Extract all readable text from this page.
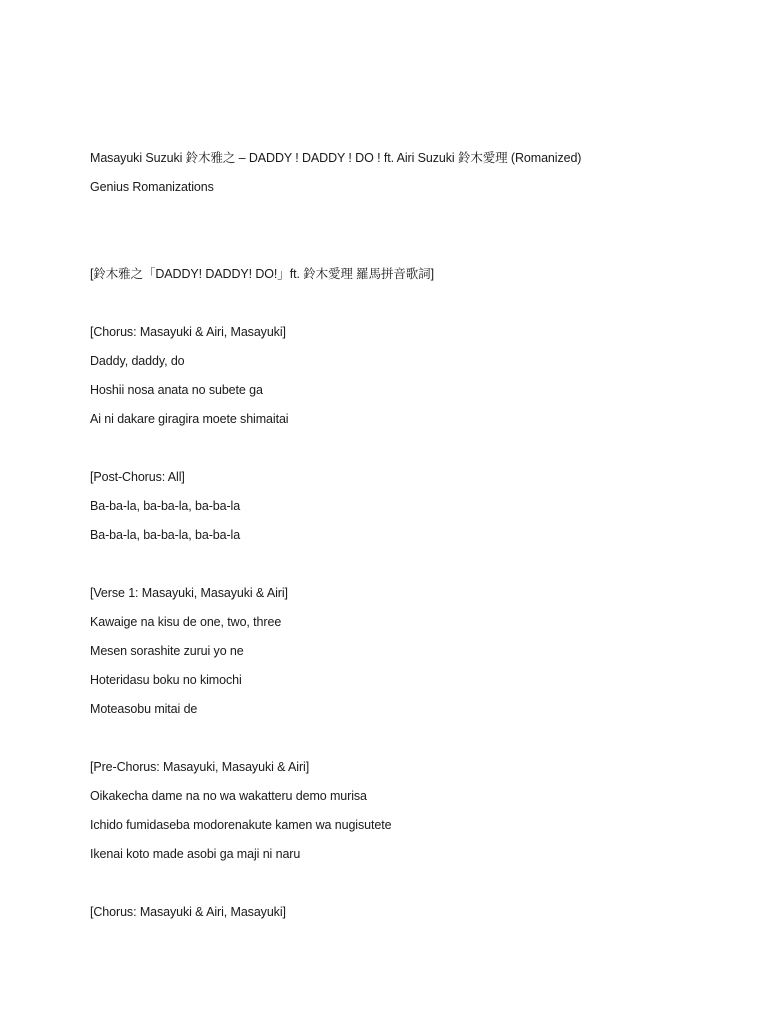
Masayuki Suzuki 鈴木雅之 – DADDY ! DADDY ! DO ! ft. Airi Suzuki 鈴木愛理 (Romanized)
Genius Romanizations
[鈴木雅之「DADDY! DADDY! DO!」ft. 鈴木愛理 羅馬拼音歌詞]
[Chorus: Masayuki & Airi, Masayuki]
Daddy, daddy, do
Hoshii nosa anata no subete ga
Ai ni dakare giragira moete shimaitai
[Post-Chorus: All]
Ba-ba-la, ba-ba-la, ba-ba-la
Ba-ba-la, ba-ba-la, ba-ba-la
[Verse 1: Masayuki, Masayuki & Airi]
Kawaige na kisu de one, two, three
Mesen sorashite zurui yo ne
Hoteridasu boku no kimochi
Moteasobu mitai de
[Pre-Chorus: Masayuki, Masayuki & Airi]
Oikakecha dame na no wa wakatteru demo murisa
Ichido fumidaseba modorenakute kamen wa nugisutete
Ikenai koto made asobi ga maji ni naru
[Chorus: Masayuki & Airi, Masayuki]
